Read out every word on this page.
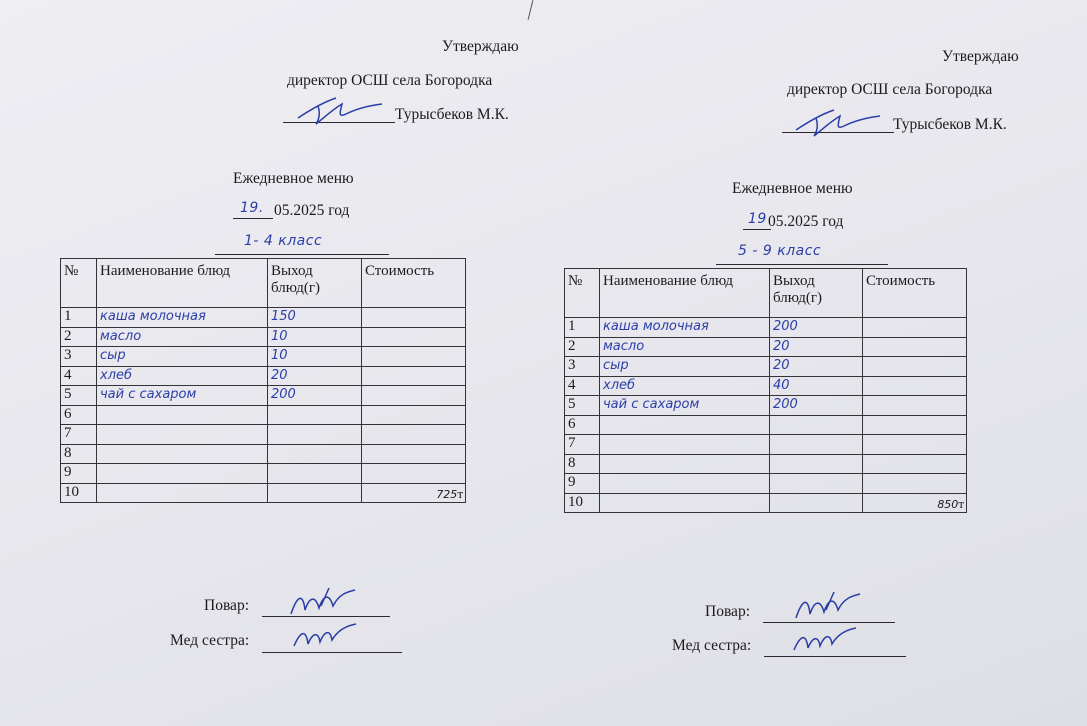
Утверждаю
директор ОСШ села Богородка
Турысбеков М.К.
Ежедневное меню
19. 05.2025 год
1- 4 класс
№	Наименование блюд	Выход блюд(г)	Стоимость
1	каша молочная	150	
2	масло	10	
3	сыр	10	
4	хлеб	20	
5	чай с сахаром	200	
6			
7			
8			
9			
10			725т
Повар:
Мед сестра:
Утверждаю
директор ОСШ села Богородка
Турысбеков М.К.
Ежедневное меню
19 05.2025 год
5 - 9 класс
№	Наименование блюд	Выход блюд(г)	Стоимость
1	каша молочная	200	
2	масло	20	
3	сыр	20	
4	хлеб	40	
5	чай с сахаром	200	
6			
7			
8			
9			
10			850т
Повар:
Мед сестра:
